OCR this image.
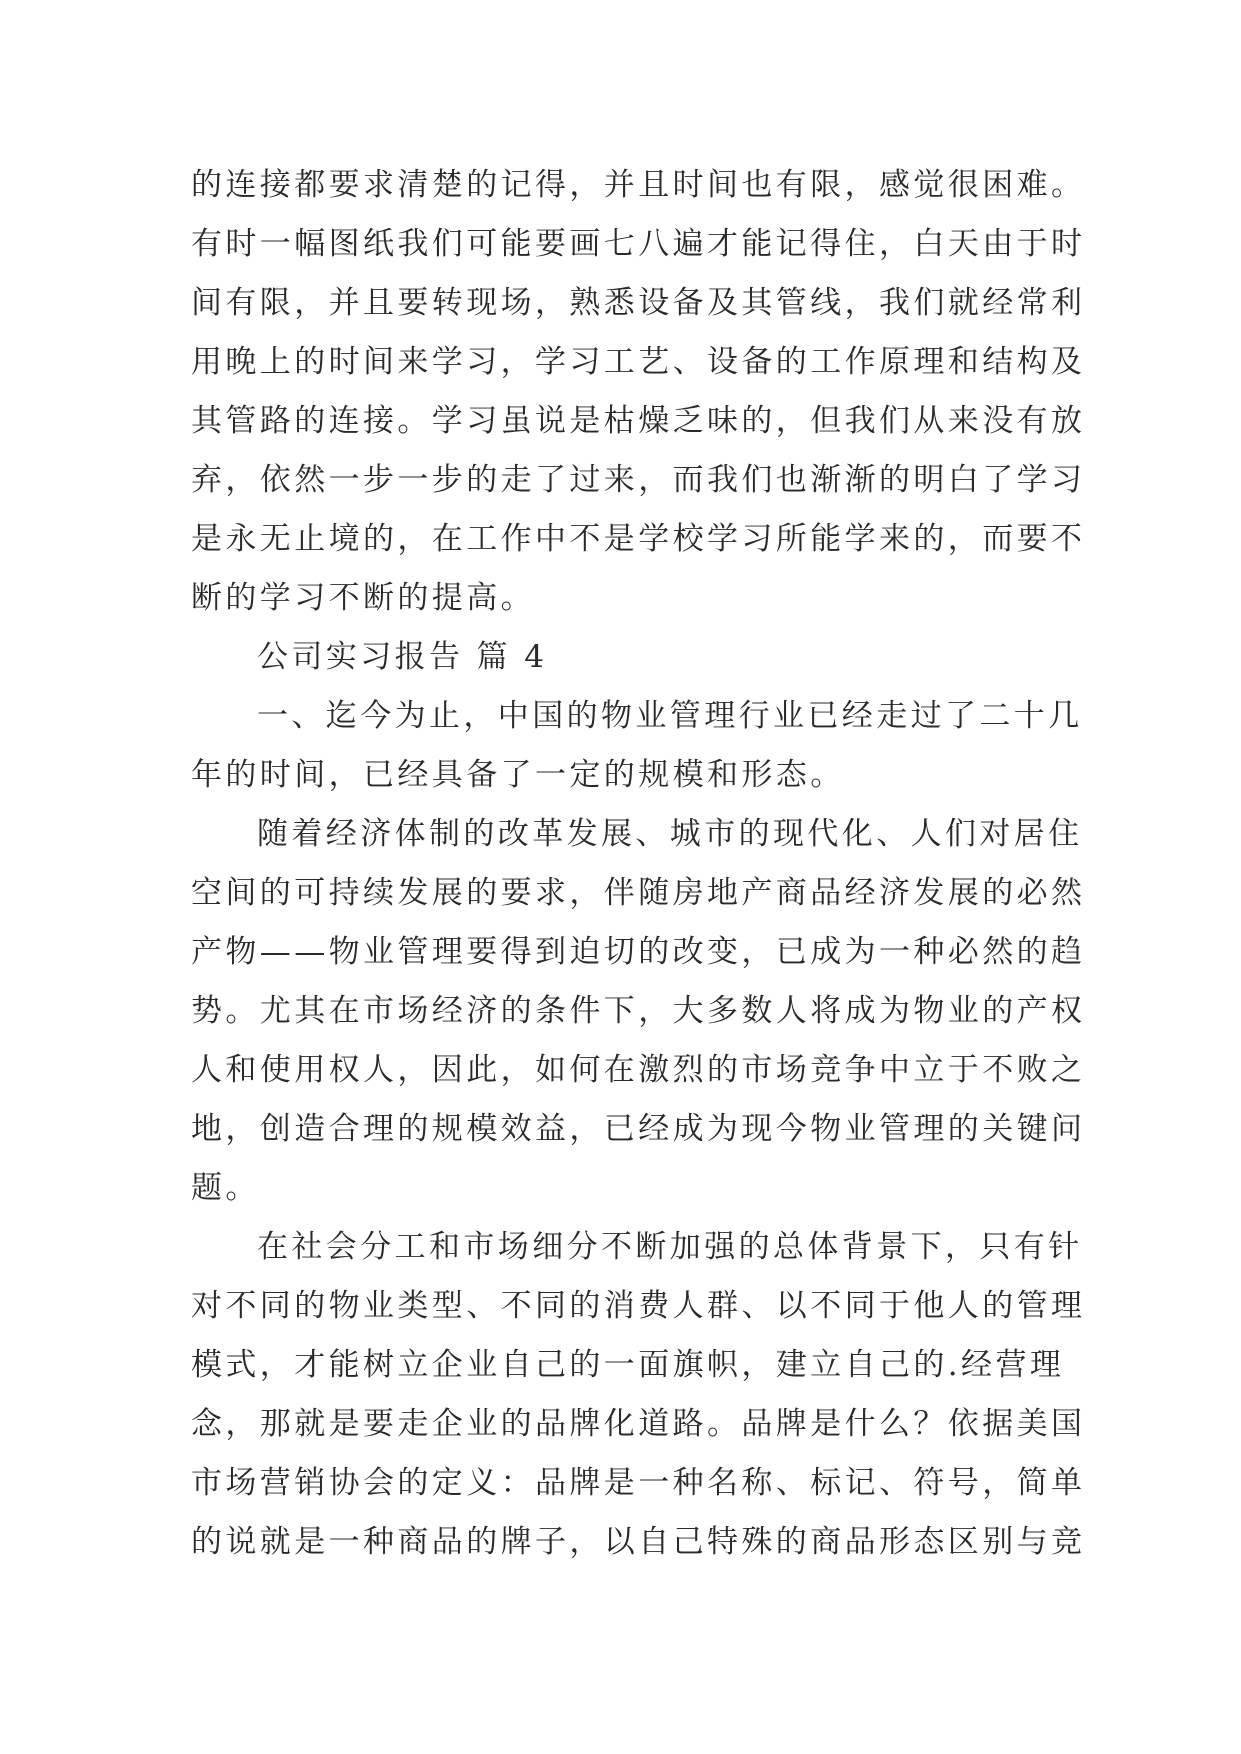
的连接都要求清楚的记得，并且时间也有限，感觉很困难。
有时一幅图纸我们可能要画七八遍才能记得住，白天由于时
间有限，并且要转现场，熟悉设备及其管线，我们就经常利
用晚上的时间来学习，学习工艺、设备的工作原理和结构及
其管路的连接。学习虽说是枯燥乏味的，但我们从来没有放
弃，依然一步一步的走了过来，而我们也渐渐的明白了学习
是永无止境的，在工作中不是学校学习所能学来的，而要不
断的学习不断的提高。
公司实习报告 篇 4
一、迄今为止，中国的物业管理行业已经走过了二十几
年的时间，已经具备了一定的规模和形态。
随着经济体制的改革发展、城市的现代化、人们对居住
空间的可持续发展的要求，伴随房地产商品经济发展的必然
产物——物业管理要得到迫切的改变，已成为一种必然的趋
势。尤其在市场经济的条件下，大多数人将成为物业的产权
人和使用权人，因此，如何在激烈的市场竞争中立于不败之
地，创造合理的规模效益，已经成为现今物业管理的关键问
题。
在社会分工和市场细分不断加强的总体背景下，只有针
对不同的物业类型、不同的消费人群、以不同于他人的管理
模式，才能树立企业自己的一面旗帜，建立自己的.经营理
念，那就是要走企业的品牌化道路。品牌是什么？依据美国
市场营销协会的定义：品牌是一种名称、标记、符号，简单
的说就是一种商品的牌子，以自己特殊的商品形态区别与竞
